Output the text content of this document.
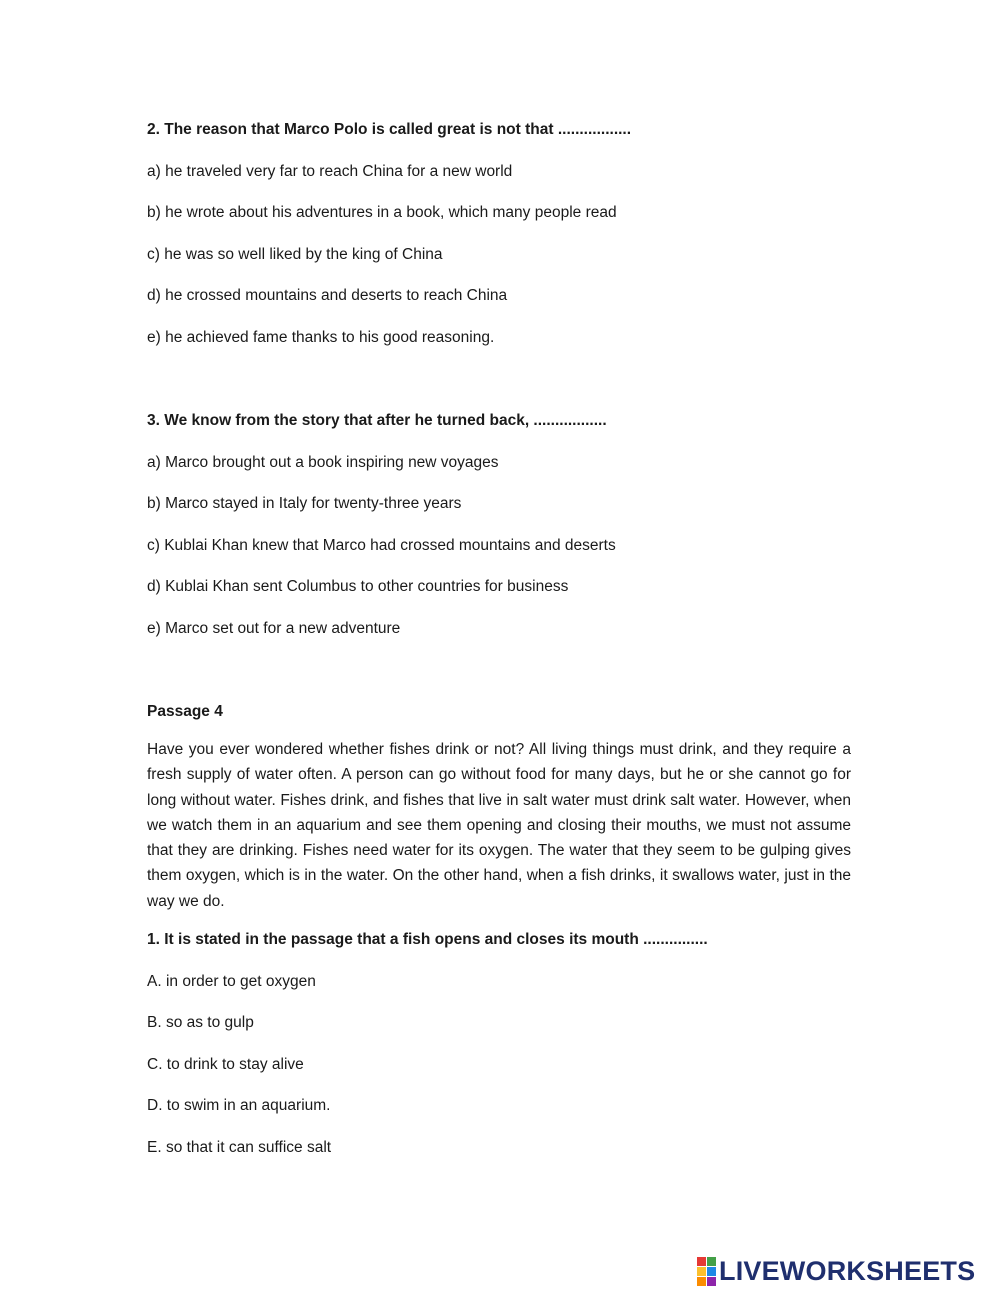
2. The reason that Marco Polo is called great is not that .................

a) he traveled very far to reach China for a new world

b) he wrote about his adventures in a book, which many people read

c) he was so well liked by the king of China

d) he crossed mountains and deserts to reach China

e) he achieved fame thanks to his good reasoning.

3. We know from the story that after he turned back, .................

a) Marco brought out a book inspiring new voyages

b) Marco stayed in Italy for twenty-three years

c) Kublai Khan knew that Marco had crossed mountains and deserts

d) Kublai Khan sent Columbus to other countries for business

e) Marco set out for a new adventure

Passage 4

Have you ever wondered whether fishes drink or not? All living things must drink, and they require a fresh supply of water often. A person can go without food for many days, but he or she cannot go for long without water. Fishes drink, and fishes that live in salt water must drink salt water. However, when we watch them in an aquarium and see them opening and closing their mouths, we must not assume that they are drinking. Fishes need water for its oxygen. The water that they seem to be gulping gives them oxygen, which is in the water. On the other hand, when a fish drinks, it swallows water, just in the way we do.

1. It is stated in the passage that a fish opens and closes its mouth ...............

A. in order to get oxygen

B. so as to gulp

C. to drink to stay alive

D. to swim in an aquarium.

E. so that it can suffice salt

LIVEWORKSHEETS
